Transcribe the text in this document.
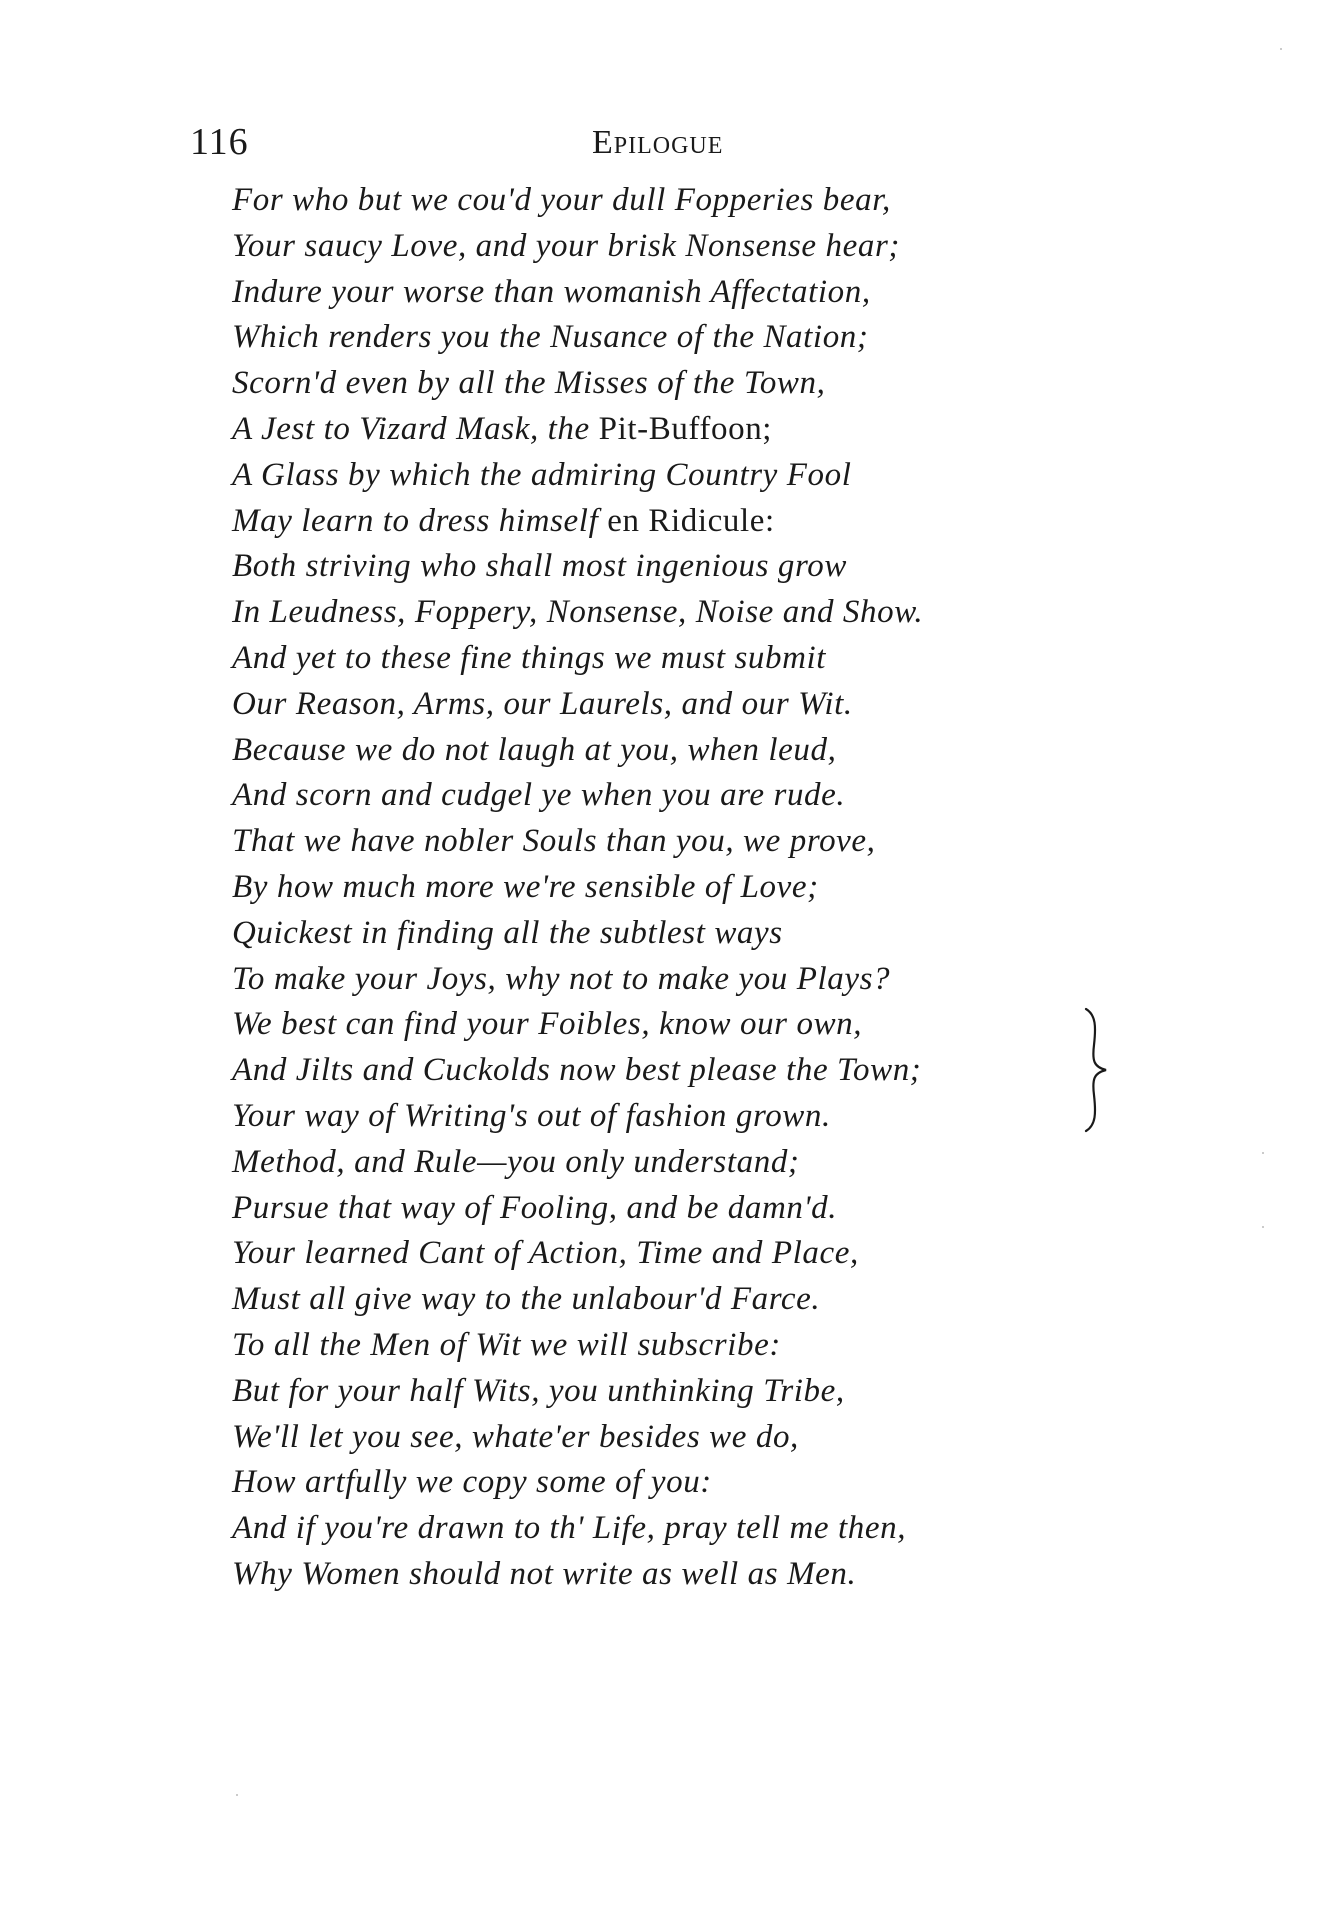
116	Epilogue
For who but we cou'd your dull Fopperies bear,
Your saucy Love, and your brisk Nonsense hear;
Indure your worse than womanish Affectation,
Which renders you the Nusance of the Nation;
Scorn'd even by all the Misses of the Town,
A Jest to Vizard Mask, the Pit-Buffoon;
A Glass by which the admiring Country Fool
May learn to dress himself en Ridicule:
Both striving who shall most ingenious grow
In Leudness, Foppery, Nonsense, Noise and Show.
And yet to these fine things we must submit
Our Reason, Arms, our Laurels, and our Wit.
Because we do not laugh at you, when leud,
And scorn and cudgel ye when you are rude.
That we have nobler Souls than you, we prove,
By how much more we're sensible of Love;
Quickest in finding all the subtlest ways
To make your Joys, why not to make you Plays?
We best can find your Foibles, know our own,
And Jilts and Cuckolds now best please the Town;
Your way of Writing's out of fashion grown.
Method, and Rule—you only understand;
Pursue that way of Fooling, and be damn'd.
Your learned Cant of Action, Time and Place,
Must all give way to the unlabour'd Farce.
To all the Men of Wit we will subscribe:
But for your half Wits, you unthinking Tribe,
We'll let you see, whate'er besides we do,
How artfully we copy some of you:
And if you're drawn to th' Life, pray tell me then,
Why Women should not write as well as Men.
